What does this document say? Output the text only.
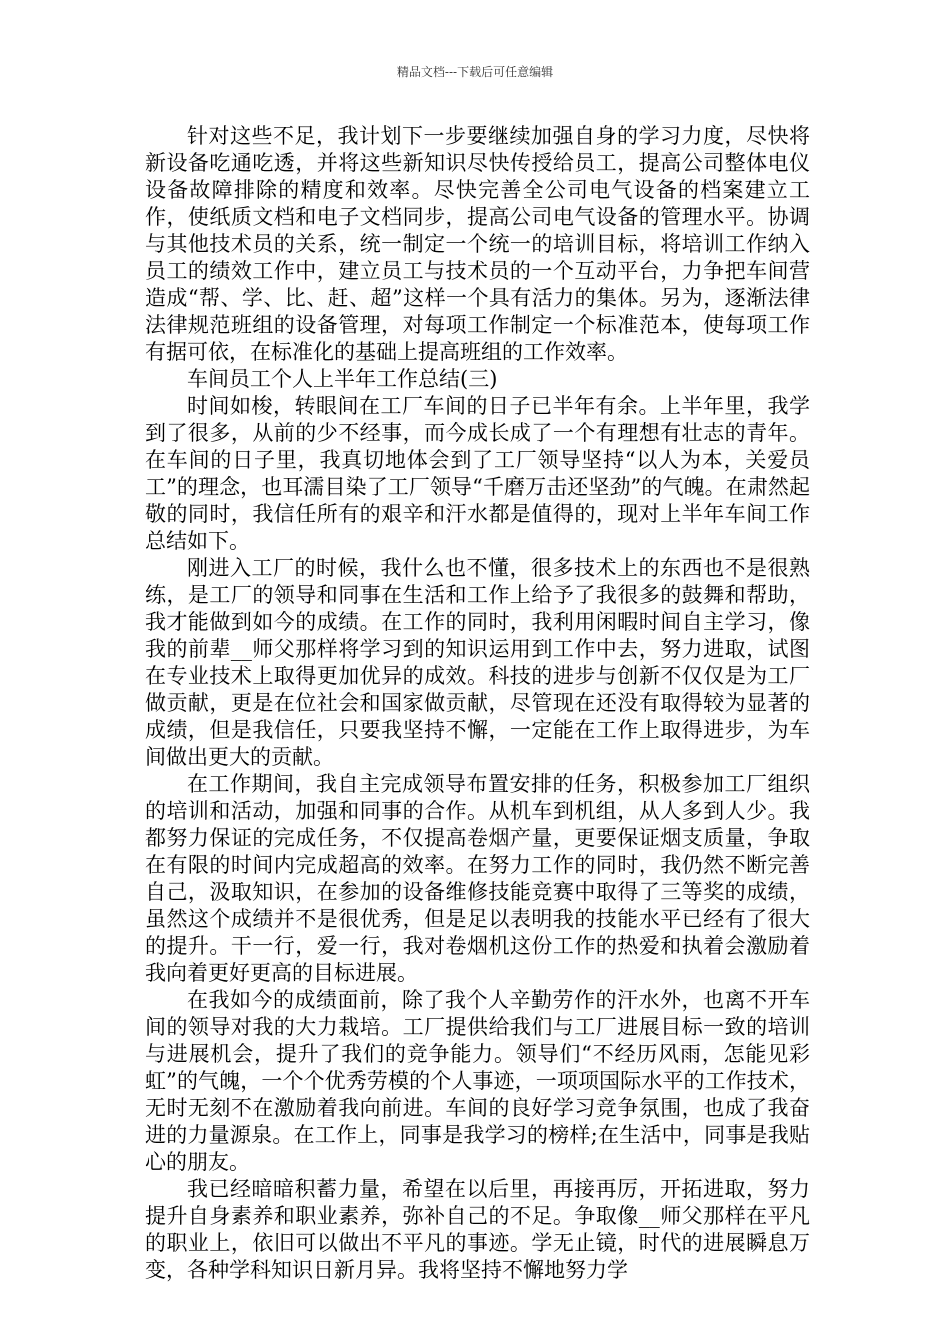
精品文档---下载后可任意编辑

针对这些不足，我计划下一步要继续加强自身的学习力度，尽快将新设备吃通吃透，并将这些新知识尽快传授给员工，提高公司整体电仪设备故障排除的精度和效率。尽快完善全公司电气设备的档案建立工作，使纸质文档和电子文档同步，提高公司电气设备的管理水平。协调与其他技术员的关系，统一制定一个统一的培训目标，将培训工作纳入员工的绩效工作中，建立员工与技术员的一个互动平台，力争把车间营造成“帮、学、比、赶、超”这样一个具有活力的集体。另为，逐渐法律法律规范班组的设备管理，对每项工作制定一个标准范本，使每项工作有据可依，在标准化的基础上提高班组的工作效率。

车间员工个人上半年工作总结(三)

时间如梭，转眼间在工厂车间的日子已半年有余。上半年里，我学到了很多，从前的少不经事，而今成长成了一个有理想有壮志的青年。在车间的日子里，我真切地体会到了工厂领导坚持“以人为本，关爱员工”的理念，也耳濡目染了工厂领导“千磨万击还坚劲”的气魄。在肃然起敬的同时，我信任所有的艰辛和汗水都是值得的，现对上半年车间工作总结如下。

刚进入工厂的时候，我什么也不懂，很多技术上的东西也不是很熟练，是工厂的领导和同事在生活和工作上给予了我很多的鼓舞和帮助，我才能做到如今的成绩。在工作的同时，我利用闲暇时间自主学习，像我的前辈__师父那样将学习到的知识运用到工作中去，努力进取，试图在专业技术上取得更加优异的成效。科技的进步与创新不仅仅是为工厂做贡献，更是在位社会和国家做贡献，尽管现在还没有取得较为显著的成绩，但是我信任，只要我坚持不懈，一定能在工作上取得进步，为车间做出更大的贡献。

在工作期间，我自主完成领导布置安排的任务，积极参加工厂组织的培训和活动，加强和同事的合作。从机车到机组，从人多到人少。我都努力保证的完成任务，不仅提高卷烟产量，更要保证烟支质量，争取在有限的时间内完成超高的效率。在努力工作的同时，我仍然不断完善自己，汲取知识，在参加的设备维修技能竞赛中取得了三等奖的成绩，虽然这个成绩并不是很优秀，但是足以表明我的技能水平已经有了很大的提升。干一行，爱一行，我对卷烟机这份工作的热爱和执着会激励着我向着更好更高的目标进展。

在我如今的成绩面前，除了我个人辛勤劳作的汗水外，也离不开车间的领导对我的大力栽培。工厂提供给我们与工厂进展目标一致的培训与进展机会，提升了我们的竞争能力。领导们“不经历风雨，怎能见彩虹”的气魄，一个个优秀劳模的个人事迹，一项项国际水平的工作技术，无时无刻不在激励着我向前进。车间的良好学习竞争氛围，也成了我奋进的力量源泉。在工作上，同事是我学习的榜样;在生活中，同事是我贴心的朋友。

我已经暗暗积蓄力量，希望在以后里，再接再厉，开拓进取，努力提升自身素养和职业素养，弥补自己的不足。争取像__师父那样在平凡的职业上，依旧可以做出不平凡的事迹。学无止镜，时代的进展瞬息万变，各种学科知识日新月异。我将坚持不懈地努力学
